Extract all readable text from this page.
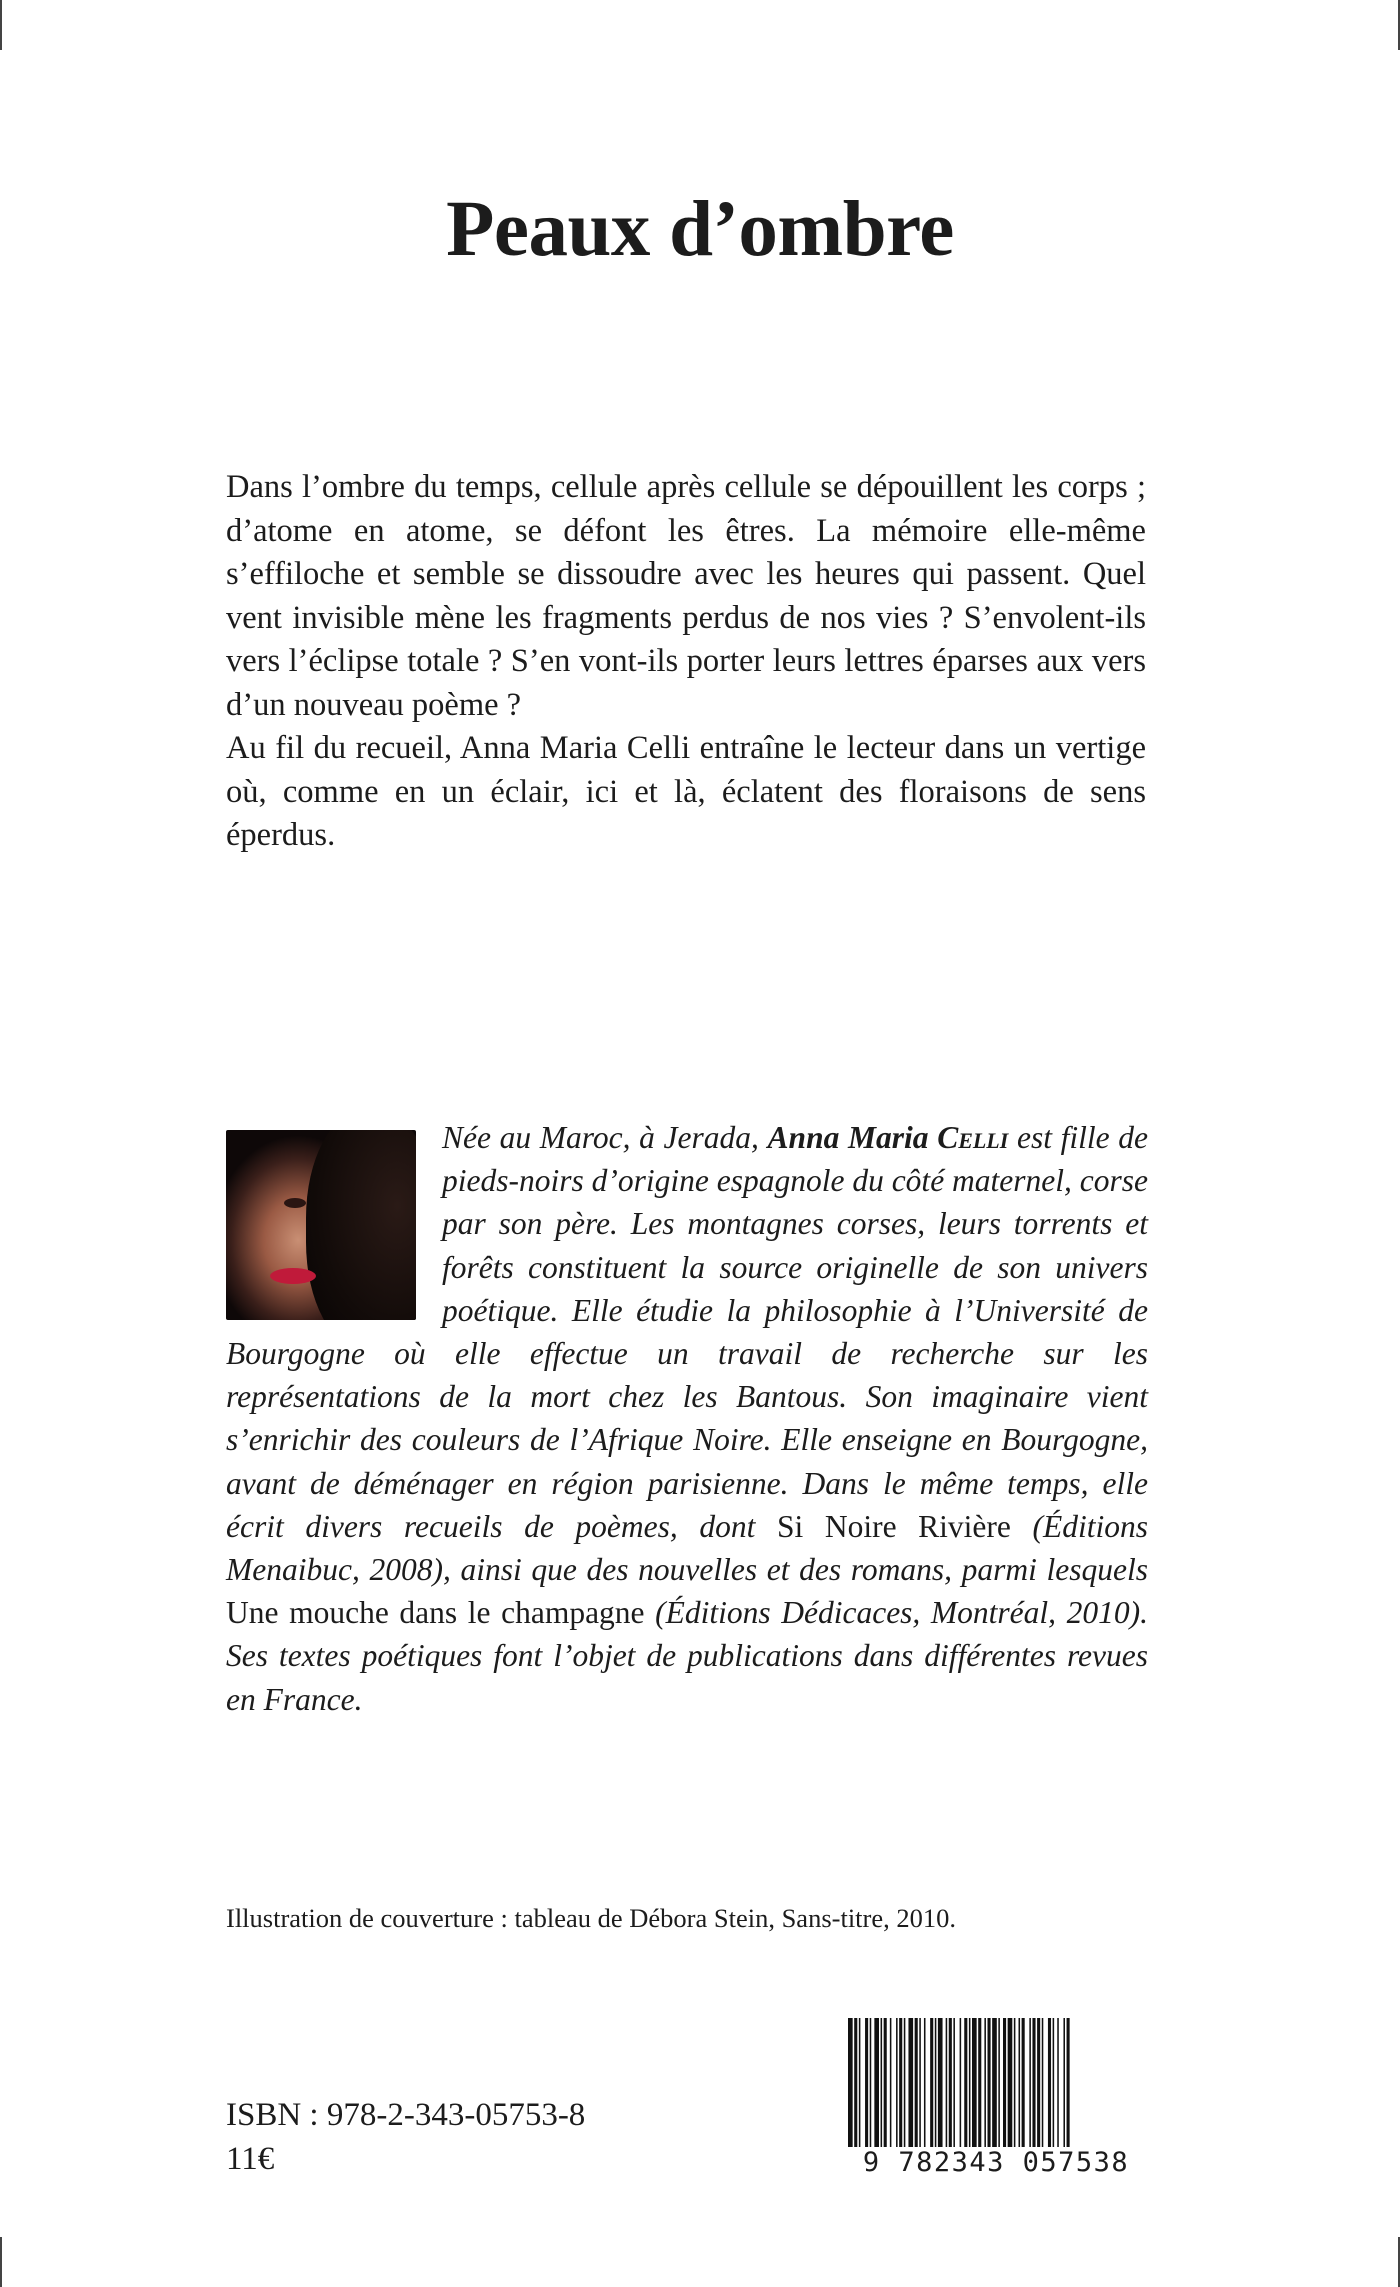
Peaux d’ombre

Dans l’ombre du temps, cellule après cellule se dépouillent les corps ; d’atome en atome, se défont les êtres. La mémoire elle-même s’effiloche et semble se dissoudre avec les heures qui passent. Quel vent invisible mène les fragments perdus de nos vies ? S’envolent-ils vers l’éclipse totale ? S’en vont-ils porter leurs lettres éparses aux vers d’un nouveau poème ?

Au fil du recueil, Anna Maria Celli entraîne le lecteur dans un vertige où, comme en un éclair, ici et là, éclatent des floraisons de sens éperdus.

Née au Maroc, à Jerada, Anna Maria Celli est fille de pieds-noirs d’origine espagnole du côté maternel, corse par son père. Les montagnes corses, leurs torrents et forêts constituent la source originelle de son univers poétique. Elle étudie la philosophie à l’Université de Bourgogne où elle effectue un travail de recherche sur les représentations de la mort chez les Bantous. Son imaginaire vient s’enrichir des couleurs de l’Afrique Noire. Elle enseigne en Bourgogne, avant de déménager en région parisienne. Dans le même temps, elle écrit divers recueils de poèmes, dont Si Noire Rivière (Éditions Menaibuc, 2008), ainsi que des nouvelles et des romans, parmi lesquels Une mouche dans le champagne (Éditions Dédicaces, Montréal, 2010). Ses textes poétiques font l’objet de publications dans différentes revues en France.

Illustration de couverture : tableau de Débora Stein, Sans-titre, 2010.

ISBN : 978-2-343-05753-8
11€	9 782343 057538
